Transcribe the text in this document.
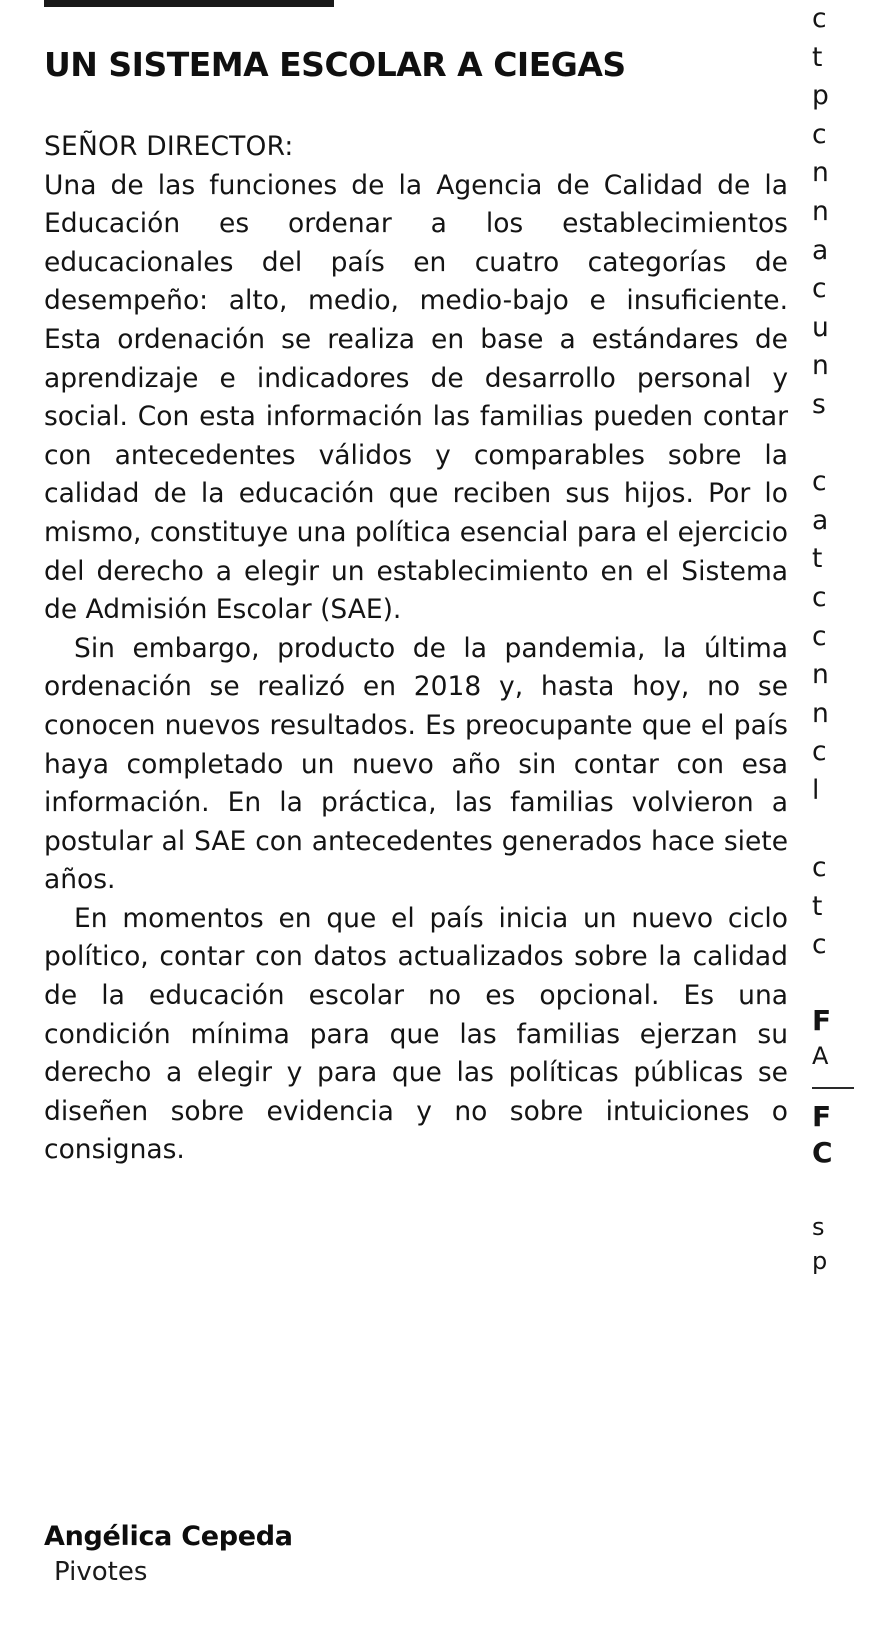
UN SISTEMA ESCOLAR A CIEGAS
SEÑOR DIRECTOR:

Una de las funciones de la Agencia de Calidad de la Educación es ordenar a los establecimientos educacionales del país en cuatro categorías de desempeño: alto, medio, medio-bajo e insuficiente. Esta ordenación se realiza en base a estándares de aprendizaje e indicadores de desarrollo personal y social. Con esta información las familias pueden contar con antecedentes válidos y comparables sobre la calidad de la educación que reciben sus hijos. Por lo mismo, constituye una política esencial para el ejercicio del derecho a elegir un establecimiento en el Sistema de Admisión Escolar (SAE).

Sin embargo, producto de la pandemia, la última ordenación se realizó en 2018 y, hasta hoy, no se conocen nuevos resultados. Es preocupante que el país haya completado un nuevo año sin contar con esa información. En la práctica, las familias volvieron a postular al SAE con antecedentes generados hace siete años.

En momentos en que el país inicia un nuevo ciclo político, contar con datos actualizados sobre la calidad de la educación escolar no es opcional. Es una condición mínima para que las familias ejerzan su derecho a elegir y para que las políticas públicas se diseñen sobre evidencia y no sobre intuiciones o consignas.

Angélica Cepeda
Pivotes
c
t
p
c
n
n
a
c
u
n
s
c
a
t
c
c
n
n
c
l
c
t
c
F
A
F
C
s
p
